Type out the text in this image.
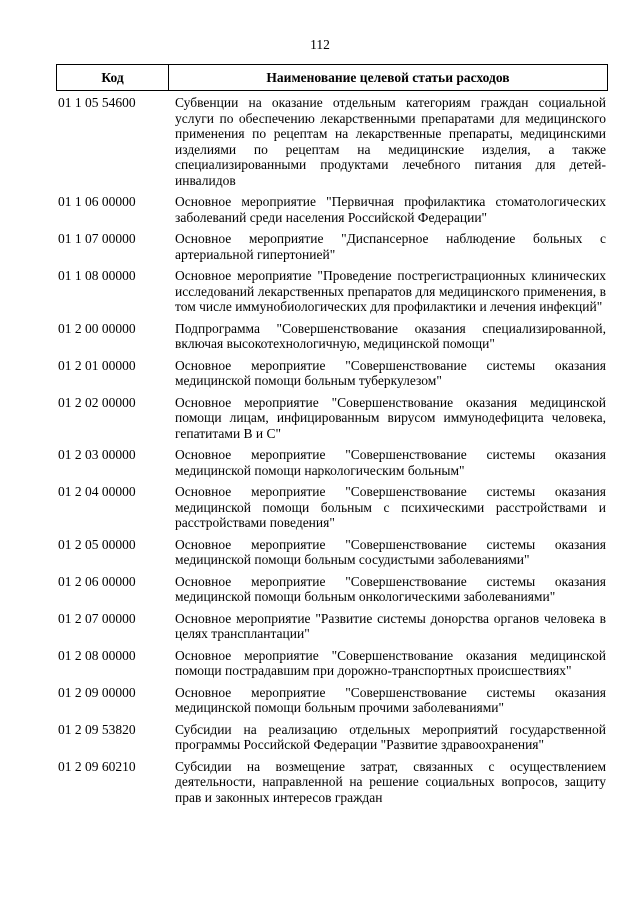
112
Код	Наименование целевой статьи расходов
01 1 05 54600	Субвенции на оказание отдельным категориям граждан социальной услуги по обеспечению лекарственными препаратами для медицинского применения по рецептам на лекарственные препараты, медицинскими изделиями по рецептам на медицинские изделия, а также специализированными продуктами лечебного питания для детей-инвалидов
01 1 06 00000	Основное мероприятие "Первичная профилактика стоматологических заболеваний среди населения Российской Федерации"
01 1 07 00000	Основное мероприятие "Диспансерное наблюдение больных с артериальной гипертонией"
01 1 08 00000	Основное мероприятие "Проведение пострегистрационных клинических исследований лекарственных препаратов для медицинского применения, в том числе иммунобиологических для профилактики и лечения инфекций"
01 2 00 00000	Подпрограмма "Совершенствование оказания специализированной, включая высокотехнологичную, медицинской помощи"
01 2 01 00000	Основное мероприятие "Совершенствование системы оказания медицинской помощи больным туберкулезом"
01 2 02 00000	Основное мероприятие "Совершенствование оказания медицинской помощи лицам, инфицированным вирусом иммунодефицита человека, гепатитами В и С"
01 2 03 00000	Основное мероприятие "Совершенствование системы оказания медицинской помощи наркологическим больным"
01 2 04 00000	Основное мероприятие "Совершенствование системы оказания медицинской помощи больным с психическими расстройствами и расстройствами поведения"
01 2 05 00000	Основное мероприятие "Совершенствование системы оказания медицинской помощи больным сосудистыми заболеваниями"
01 2 06 00000	Основное мероприятие "Совершенствование системы оказания медицинской помощи больным онкологическими заболеваниями"
01 2 07 00000	Основное мероприятие "Развитие системы донорства органов человека в целях трансплантации"
01 2 08 00000	Основное мероприятие "Совершенствование оказания медицинской помощи пострадавшим при дорожно-транспортных происшествиях"
01 2 09 00000	Основное мероприятие "Совершенствование системы оказания медицинской помощи больным прочими заболеваниями"
01 2 09 53820	Субсидии на реализацию отдельных мероприятий государственной программы Российской Федерации "Развитие здравоохранения"
01 2 09 60210	Субсидии на возмещение затрат, связанных с осуществлением деятельности, направленной на решение социальных вопросов, защиту прав и законных интересов граждан
